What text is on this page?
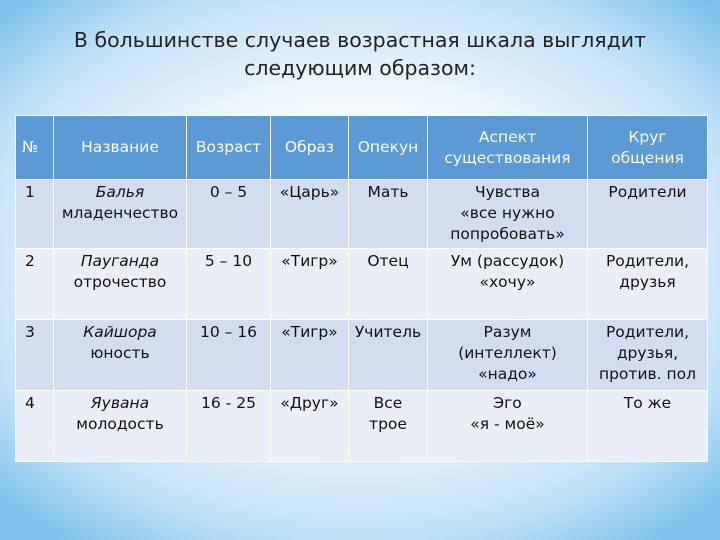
В большинстве случаев возрастная шкала выглядит
следующим образом:
№	Название	Возраст	Образ	Опекун	Аспект существования	Круг общения
1	Балья
младенчество	0 – 5	«Царь»	Мать	Чувства
«все нужно
попробовать»	Родители

2	Пауганда
отрочество	5 – 10	«Тигр»	Отец	Ум (рассудок)
«хочу»	Родители,
друзья

3	Кайшора
юность	10 – 16	«Тигр»	Учитель	Разум
(интеллект)
«надо»	Родители,
друзья,
против. пол

4	Яувана
молодость	16 - 25	«Друг»	Все
трое	Эго
«я - моё»	То же
